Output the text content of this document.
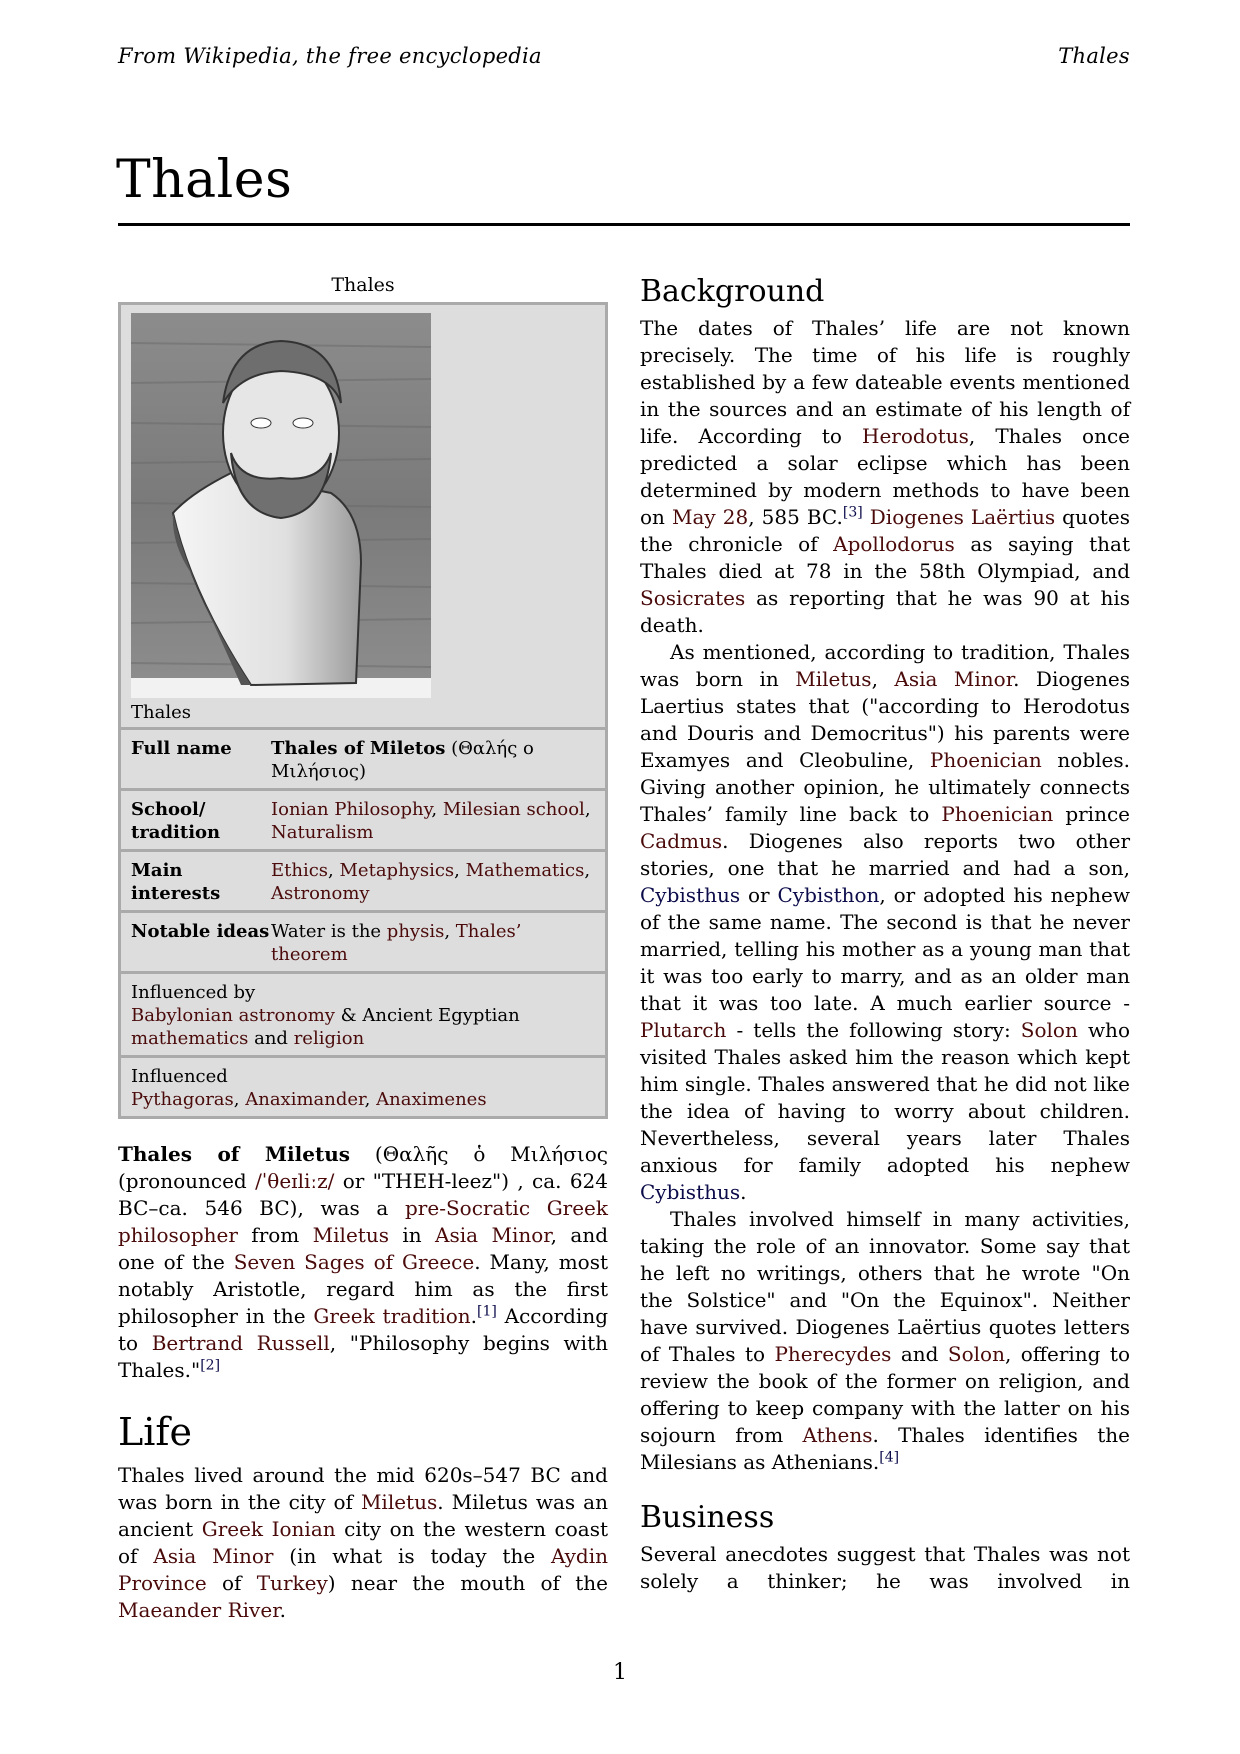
From Wikipedia, the free encyclopedia	Thales
Thales
Thales
Thales
Full name	Thales of Miletos (Θαλής ο Μιλήσιος)
School/ tradition
Ionian Philosophy, Milesian school, Naturalism
Main interests
Ethics, Metaphysics, Mathematics, Astronomy
Notable ideas Water is the physis, Thales’ theorem
Influenced by
Babylonian astronomy & Ancient Egyptian mathematics and religion
Influenced
Pythagoras, Anaximander, Anaximenes

Thales of Miletus (Θαλῆς ὁ Μιλήσιος (pronounced /ˈθeɪliːz/ or "THEH-leez") , ca. 624 BC–ca. 546 BC), was a pre-Socratic Greek philosopher from Miletus in Asia Minor, and one of the Seven Sages of Greece. Many, most notably Aristotle, regard him as the first philosopher in the Greek tradition.[1] According to Bertrand Russell, "Philosophy begins with Thales."[2]

Life

Thales lived around the mid 620s–547 BC and was born in the city of Miletus. Miletus was an ancient Greek Ionian city on the western coast of Asia Minor (in what is today the Aydin Province of Turkey) near the mouth of the Maeander River.

Background

The dates of Thales’ life are not known precisely. The time of his life is roughly established by a few dateable events mentioned in the sources and an estimate of his length of life. According to Herodotus, Thales once predicted a solar eclipse which has been determined by modern methods to have been on May 28, 585 BC.[3] Diogenes Laërtius quotes the chronicle of Apollodorus as saying that Thales died at 78 in the 58th Olympiad, and Sosicrates as reporting that he was 90 at his death.

As mentioned, according to tradition, Thales was born in Miletus, Asia Minor. Diogenes Laertius states that ("according to Herodotus and Douris and Democritus") his parents were Examyes and Cleobuline, Phoenician nobles. Giving another opinion, he ultimately connects Thales’ family line back to Phoenician prince Cadmus. Diogenes also reports two other stories, one that he married and had a son, Cybisthus or Cybisthon, or adopted his nephew of the same name. The second is that he never married, telling his mother as a young man that it was too early to marry, and as an older man that it was too late. A much earlier source - Plutarch - tells the following story: Solon who visited Thales asked him the reason which kept him single. Thales answered that he did not like the idea of having to worry about children. Nevertheless, several years later Thales anxious for family adopted his nephew Cybisthus.

Thales involved himself in many activities, taking the role of an innovator. Some say that he left no writings, others that he wrote "On the Solstice" and "On the Equinox". Neither have survived. Diogenes Laërtius quotes letters of Thales to Pherecydes and Solon, offering to review the book of the former on religion, and offering to keep company with the latter on his sojourn from Athens. Thales identifies the Milesians as Athenians.[4]

Business

Several anecdotes suggest that Thales was not solely a thinker; he was involved in

1
